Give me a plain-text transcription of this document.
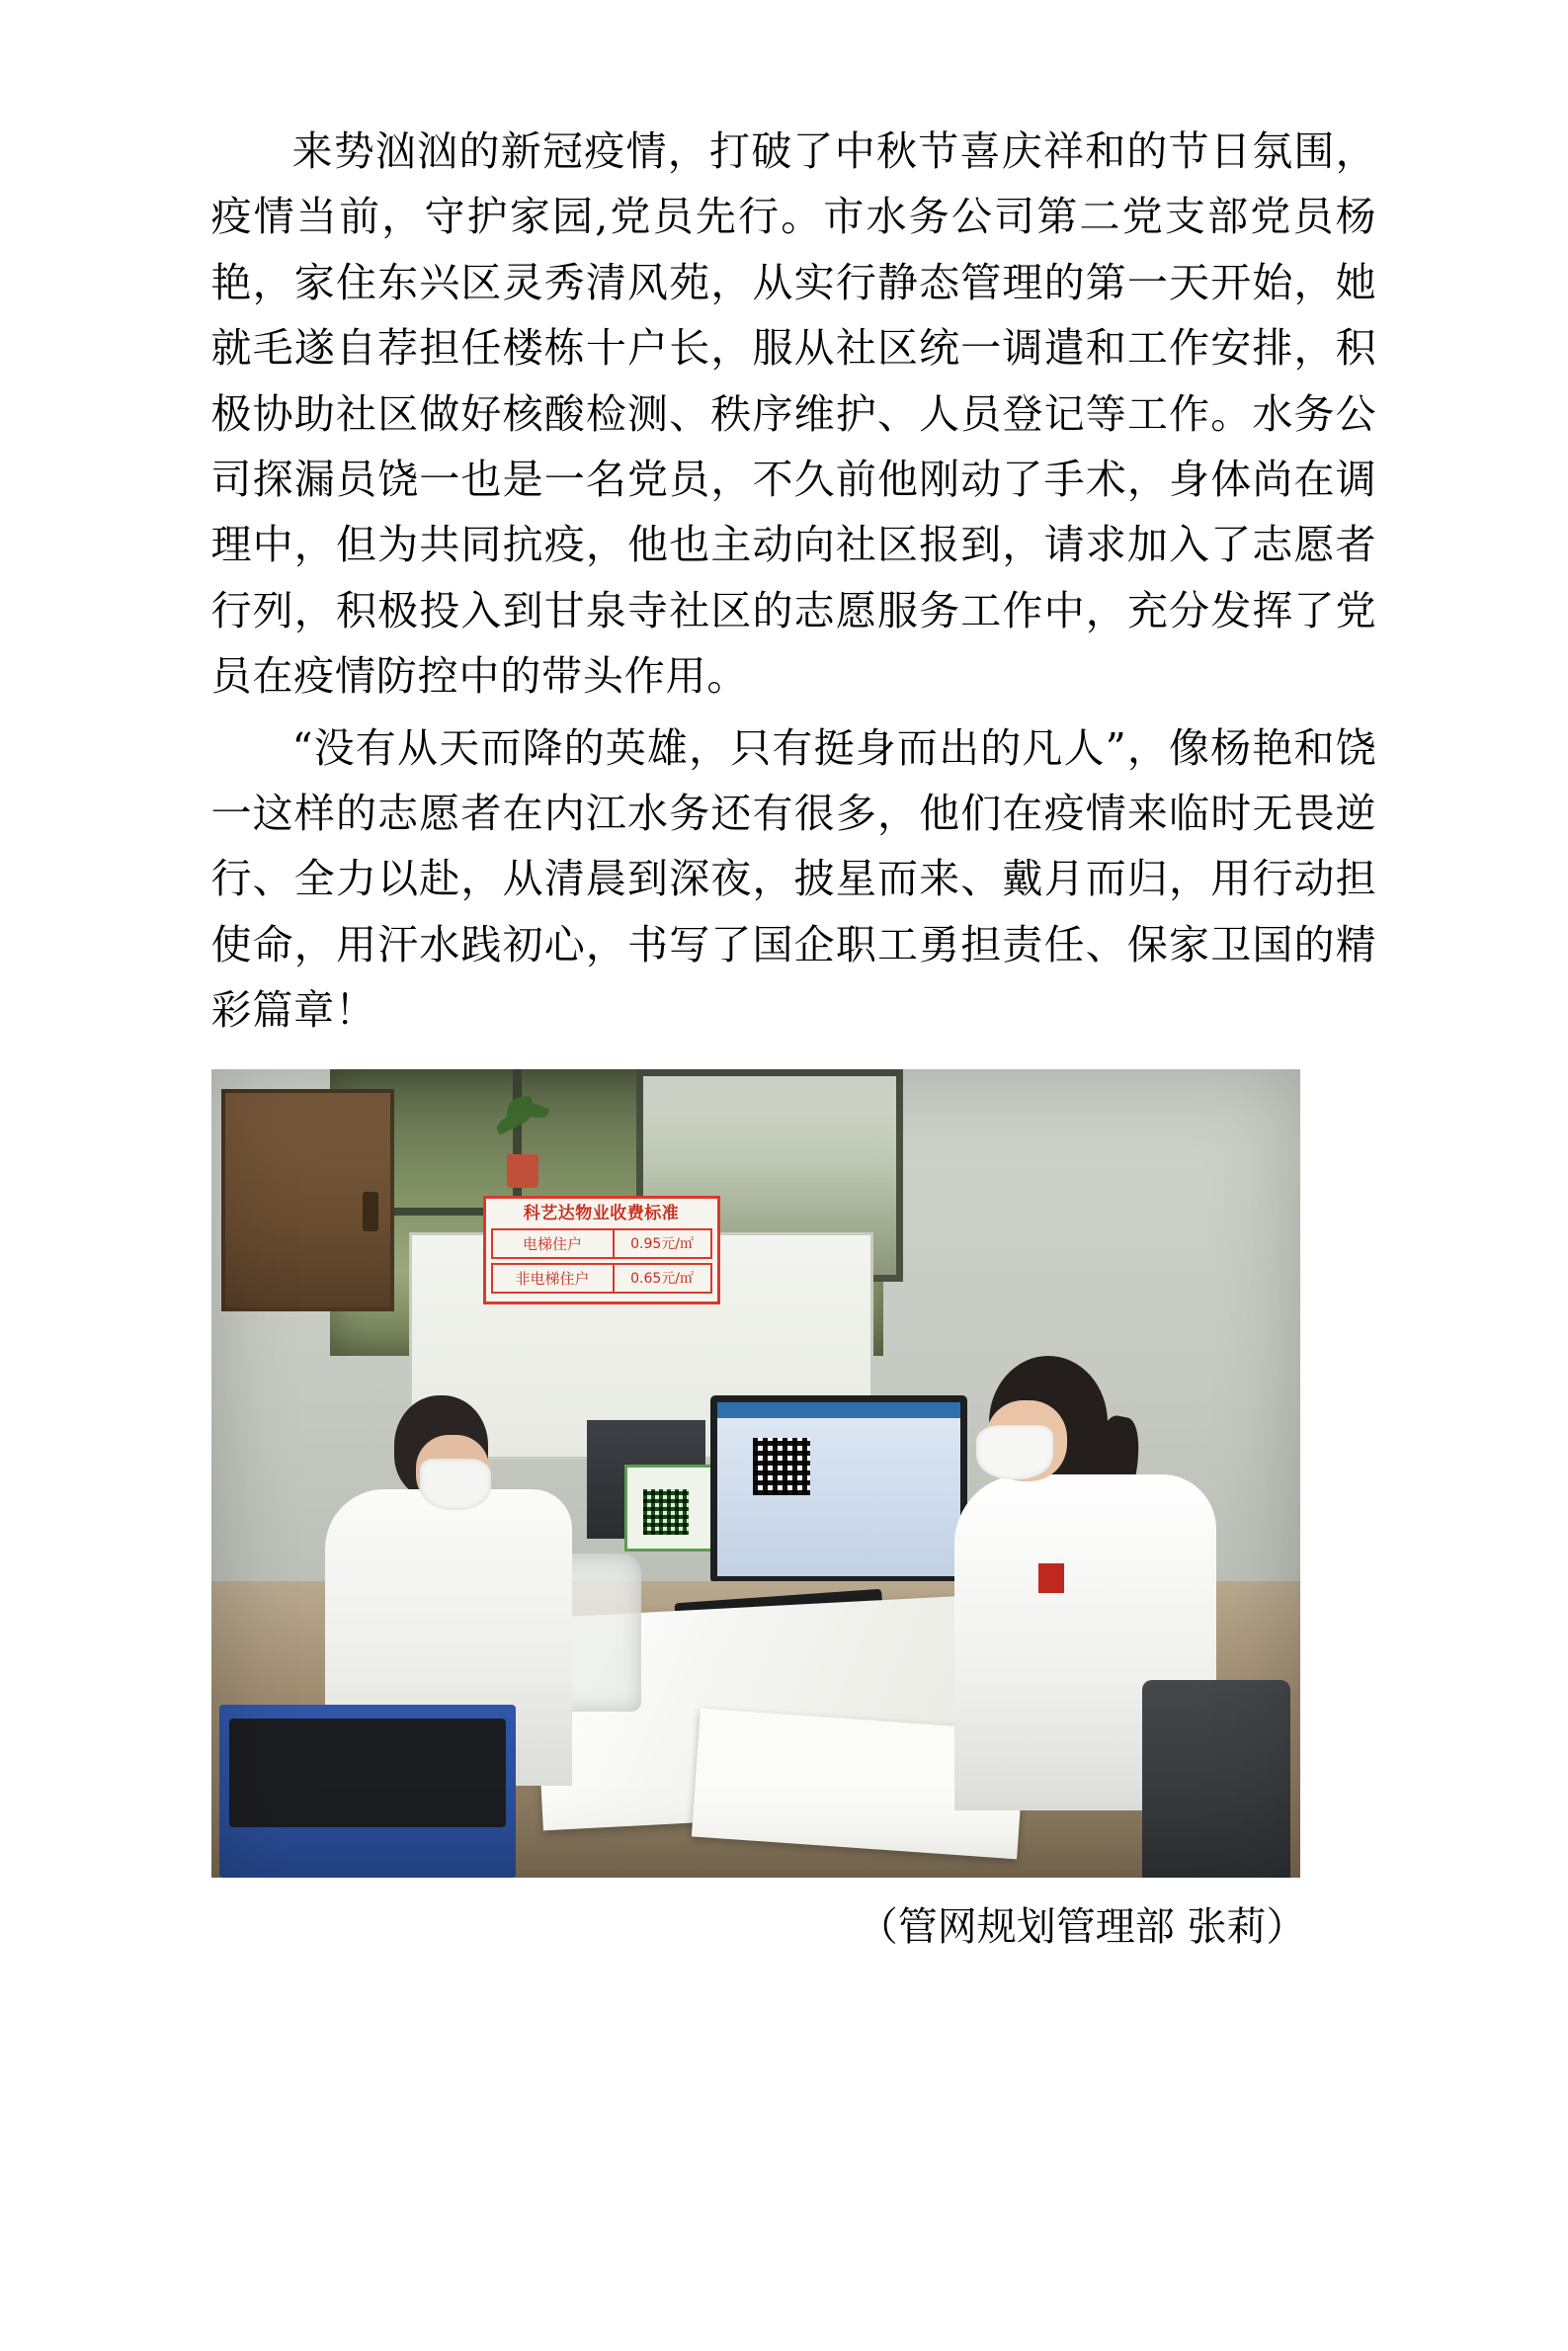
来势汹汹的新冠疫情，打破了中秋节喜庆祥和的节日氛围，疫情当前，守护家园,党员先行。市水务公司第二党支部党员杨艳，家住东兴区灵秀清风苑，从实行静态管理的第一天开始，她就毛遂自荐担任楼栋十户长，服从社区统一调遣和工作安排，积极协助社区做好核酸检测、秩序维护、人员登记等工作。水务公司探漏员饶一也是一名党员，不久前他刚动了手术，身体尚在调理中，但为共同抗疫，他也主动向社区报到，请求加入了志愿者行列，积极投入到甘泉寺社区的志愿服务工作中，充分发挥了党员在疫情防控中的带头作用。

“没有从天而降的英雄，只有挺身而出的凡人”，像杨艳和饶一这样的志愿者在内江水务还有很多，他们在疫情来临时无畏逆行、全力以赴，从清晨到深夜，披星而来、戴月而归，用行动担使命，用汗水践初心，书写了国企职工勇担责任、保家卫国的精彩篇章！

科艺达物业收费标准
电梯住户	0.95元/㎡
非电梯住户	0.65元/㎡
（管网规划管理部 张莉）
